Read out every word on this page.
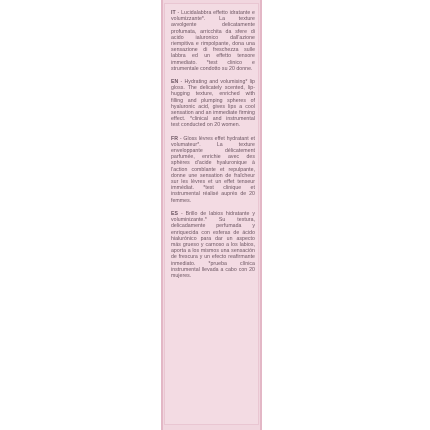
IT - Lucidalabbra effetto idratante e volumizzante*. La texture avvolgente delicatamente profumata, arricchita da sfere di acido ialuronico dall'azione riempitiva e rimpolpante, dona una sensazione di freschezza sulle labbra ed un effetto tensore immediato. *test clinico e strumentale condotto su 20 donne.

EN - Hydrating and volumising* lip gloss. The delicately scented, lip-hugging texture, enriched with filling and plumping spheres of hyaluronic acid, gives lips a cool sensation and an immediate firming effect. *clinical and instrumental test conducted on 20 women.

FR - Gloss lèvres effet hydratant et volumateur*. La texture enveloppante délicatement parfumée, enrichie avec des sphères d'acide hyaluronique à l'action comblante et repulpante, donne une sensation de fraîcheur sur les lèvres et un effet tenseur immédiat. *test clinique et instrumental réalisé auprès de 20 femmes.

ES - Brillo de labios hidratante y voluminizante.* Su textura, delicadamente perfumada y enriquecida con esferas de ácido hialurónico para dar un aspecto más grueso y carnoso a los labios, aporta a los mismos una sensación de frescura y un efecto reafirmante inmediato. *prueba clínica instrumental llevada a cabo con 20 mujeres.
